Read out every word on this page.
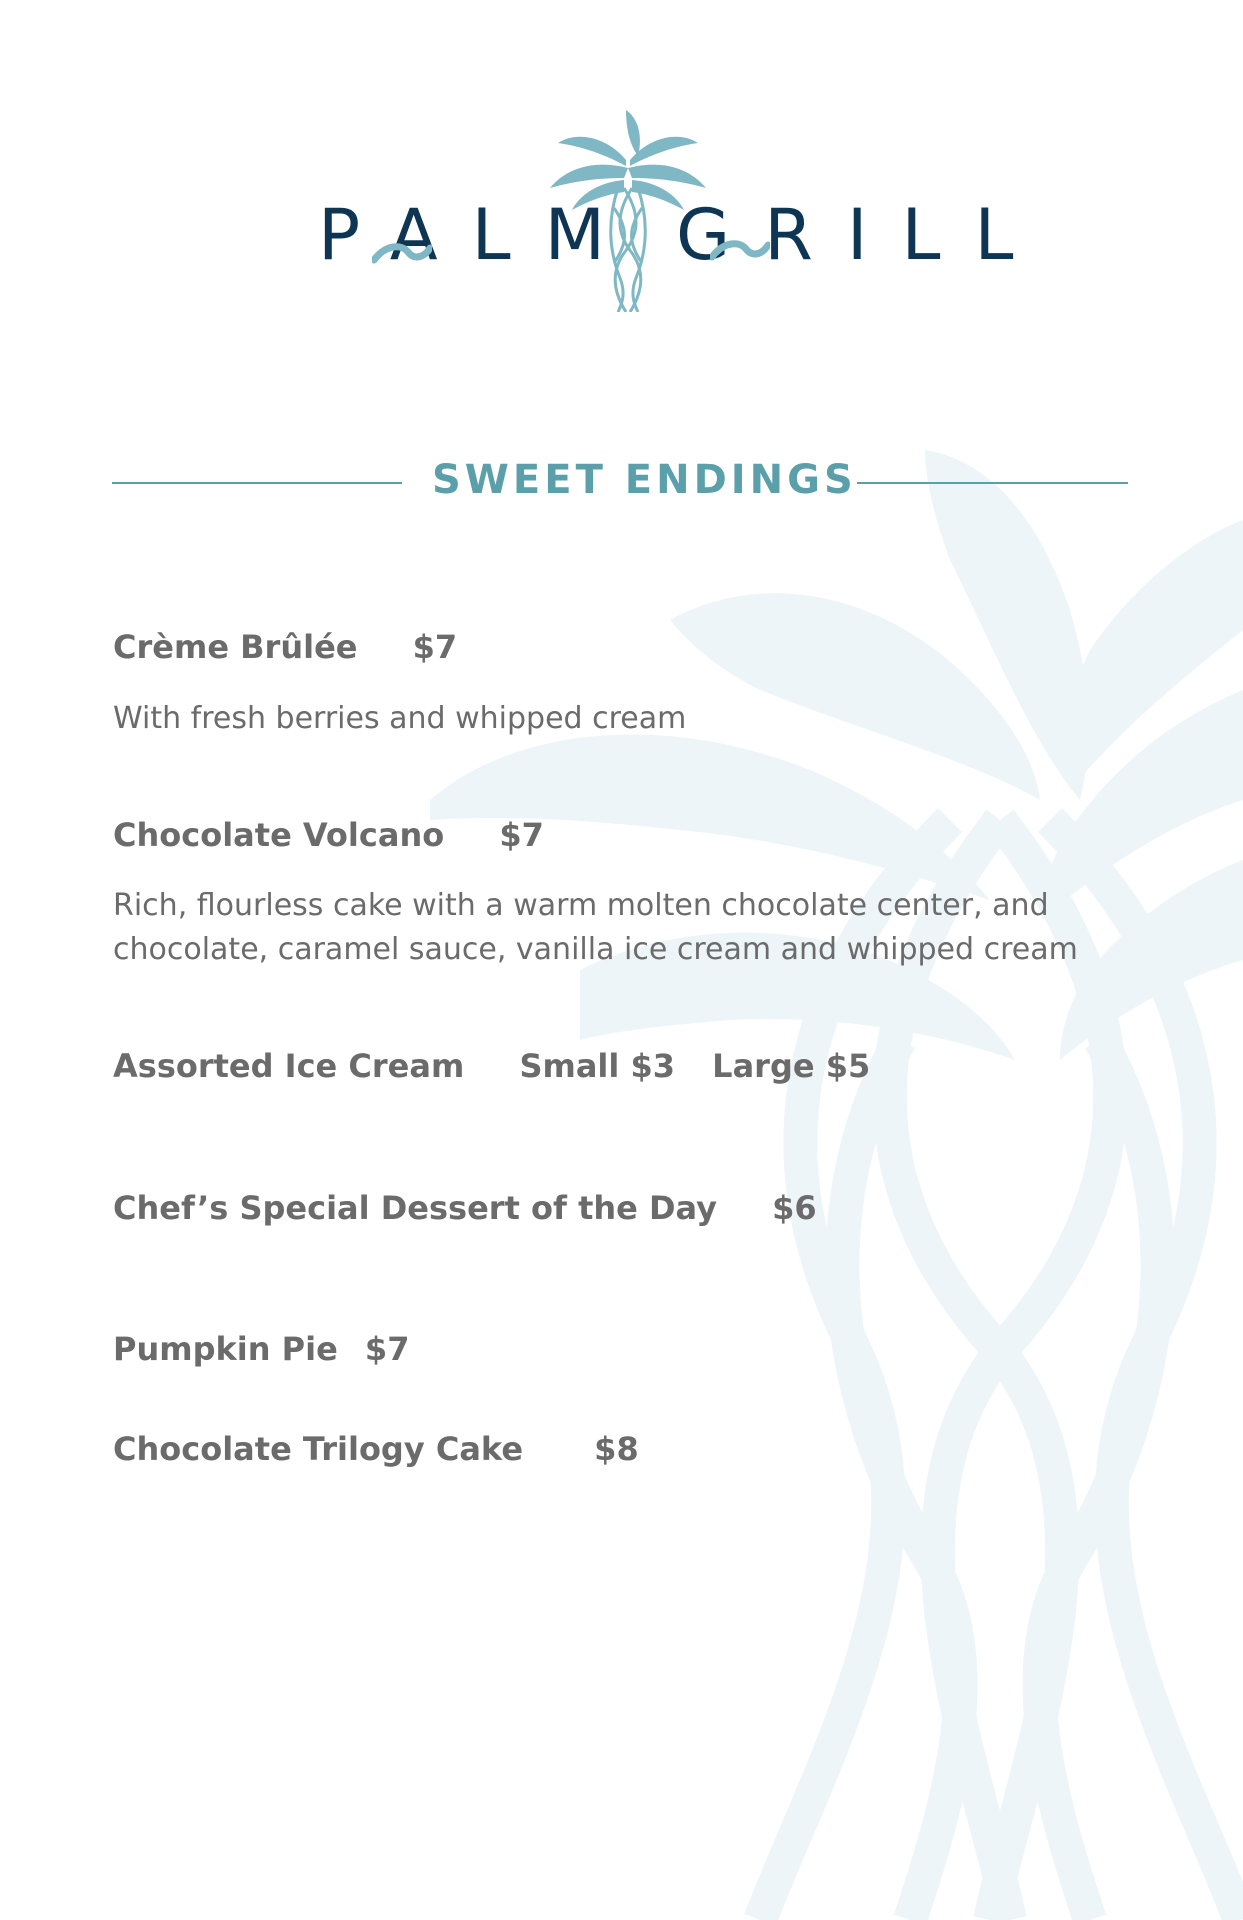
PALM GRILL
SWEET ENDINGS
Crème Brûlée $7
With fresh berries and whipped cream
Chocolate Volcano $7
Rich, flourless cake with a warm molten chocolate center, and
chocolate, caramel sauce, vanilla ice cream and whipped cream
Assorted Ice Cream Small $3 Large $5
Chef’s Special Dessert of the Day $6
Pumpkin Pie $7
Chocolate Trilogy Cake $8
